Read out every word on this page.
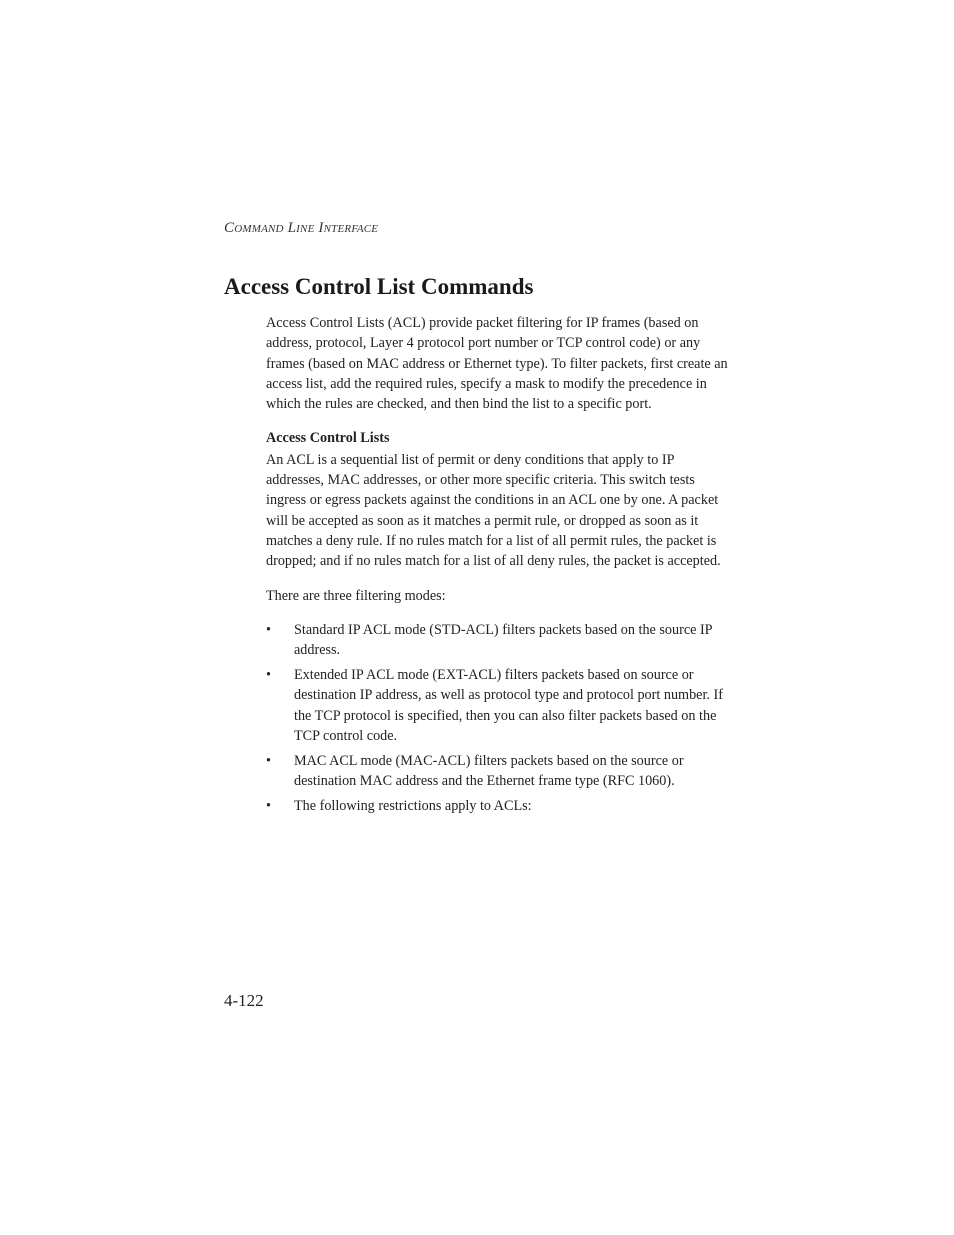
Command Line Interface
Access Control List Commands

Access Control Lists (ACL) provide packet filtering for IP frames (based on address, protocol, Layer 4 protocol port number or TCP control code) or any frames (based on MAC address or Ethernet type). To filter packets, first create an access list, add the required rules, specify a mask to modify the precedence in which the rules are checked, and then bind the list to a specific port.

Access Control Lists

An ACL is a sequential list of permit or deny conditions that apply to IP addresses, MAC addresses, or other more specific criteria. This switch tests ingress or egress packets against the conditions in an ACL one by one. A packet will be accepted as soon as it matches a permit rule, or dropped as soon as it matches a deny rule. If no rules match for a list of all permit rules, the packet is dropped; and if no rules match for a list of all deny rules, the packet is accepted.

There are three filtering modes:

• Standard IP ACL mode (STD-ACL) filters packets based on the source IP address.
• Extended IP ACL mode (EXT-ACL) filters packets based on source or destination IP address, as well as protocol type and protocol port number. If the TCP protocol is specified, then you can also filter packets based on the TCP control code.
• MAC ACL mode (MAC-ACL) filters packets based on the source or destination MAC address and the Ethernet frame type (RFC 1060).
• The following restrictions apply to ACLs:
4-122
